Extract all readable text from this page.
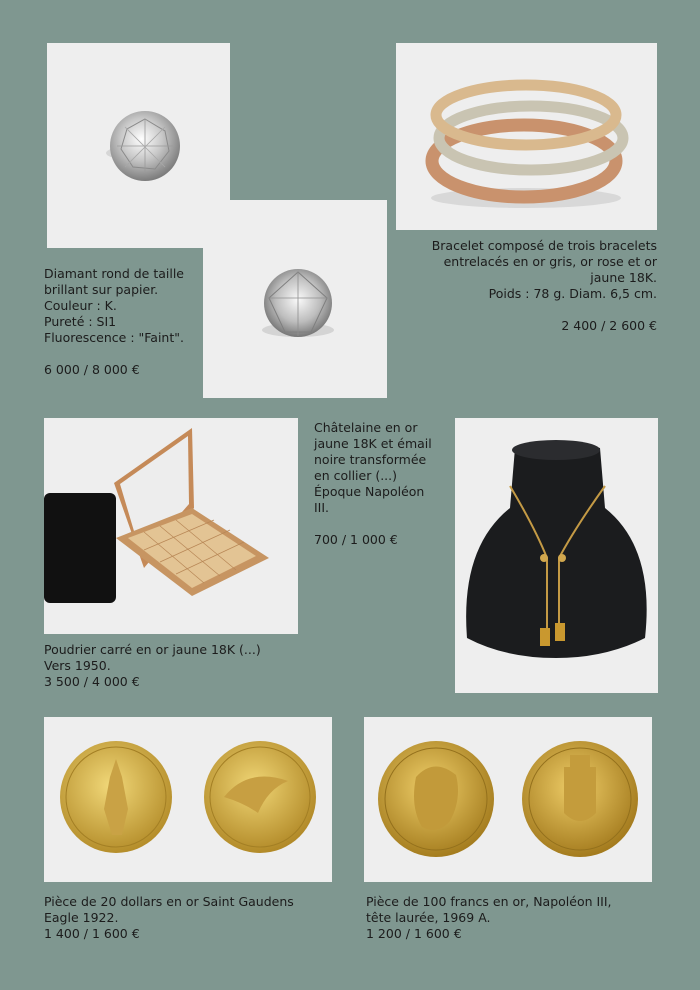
Diamant rond de taille
brillant sur papier.
Couleur : K.
Pureté : SI1
Fluorescence : "Faint".
6 000 / 8 000 €
Bracelet composé de trois bracelets
entrelacés en or gris, or rose et or
jaune 18K.
Poids : 78 g. Diam. 6,5 cm.
2 400 / 2 600 €
Poudrier carré en or jaune 18K (...)
Vers 1950.
3 500 / 4 000 €
Châtelaine en or
jaune 18K et émail
noire transformée
en collier (...)
Époque Napoléon
III.
700 / 1 000 €
Pièce de 20 dollars en or Saint Gaudens
Eagle 1922.
1 400 / 1 600 €
Pièce de 100 francs en or, Napoléon III,
tête laurée, 1969 A.
1 200 / 1 600 €
